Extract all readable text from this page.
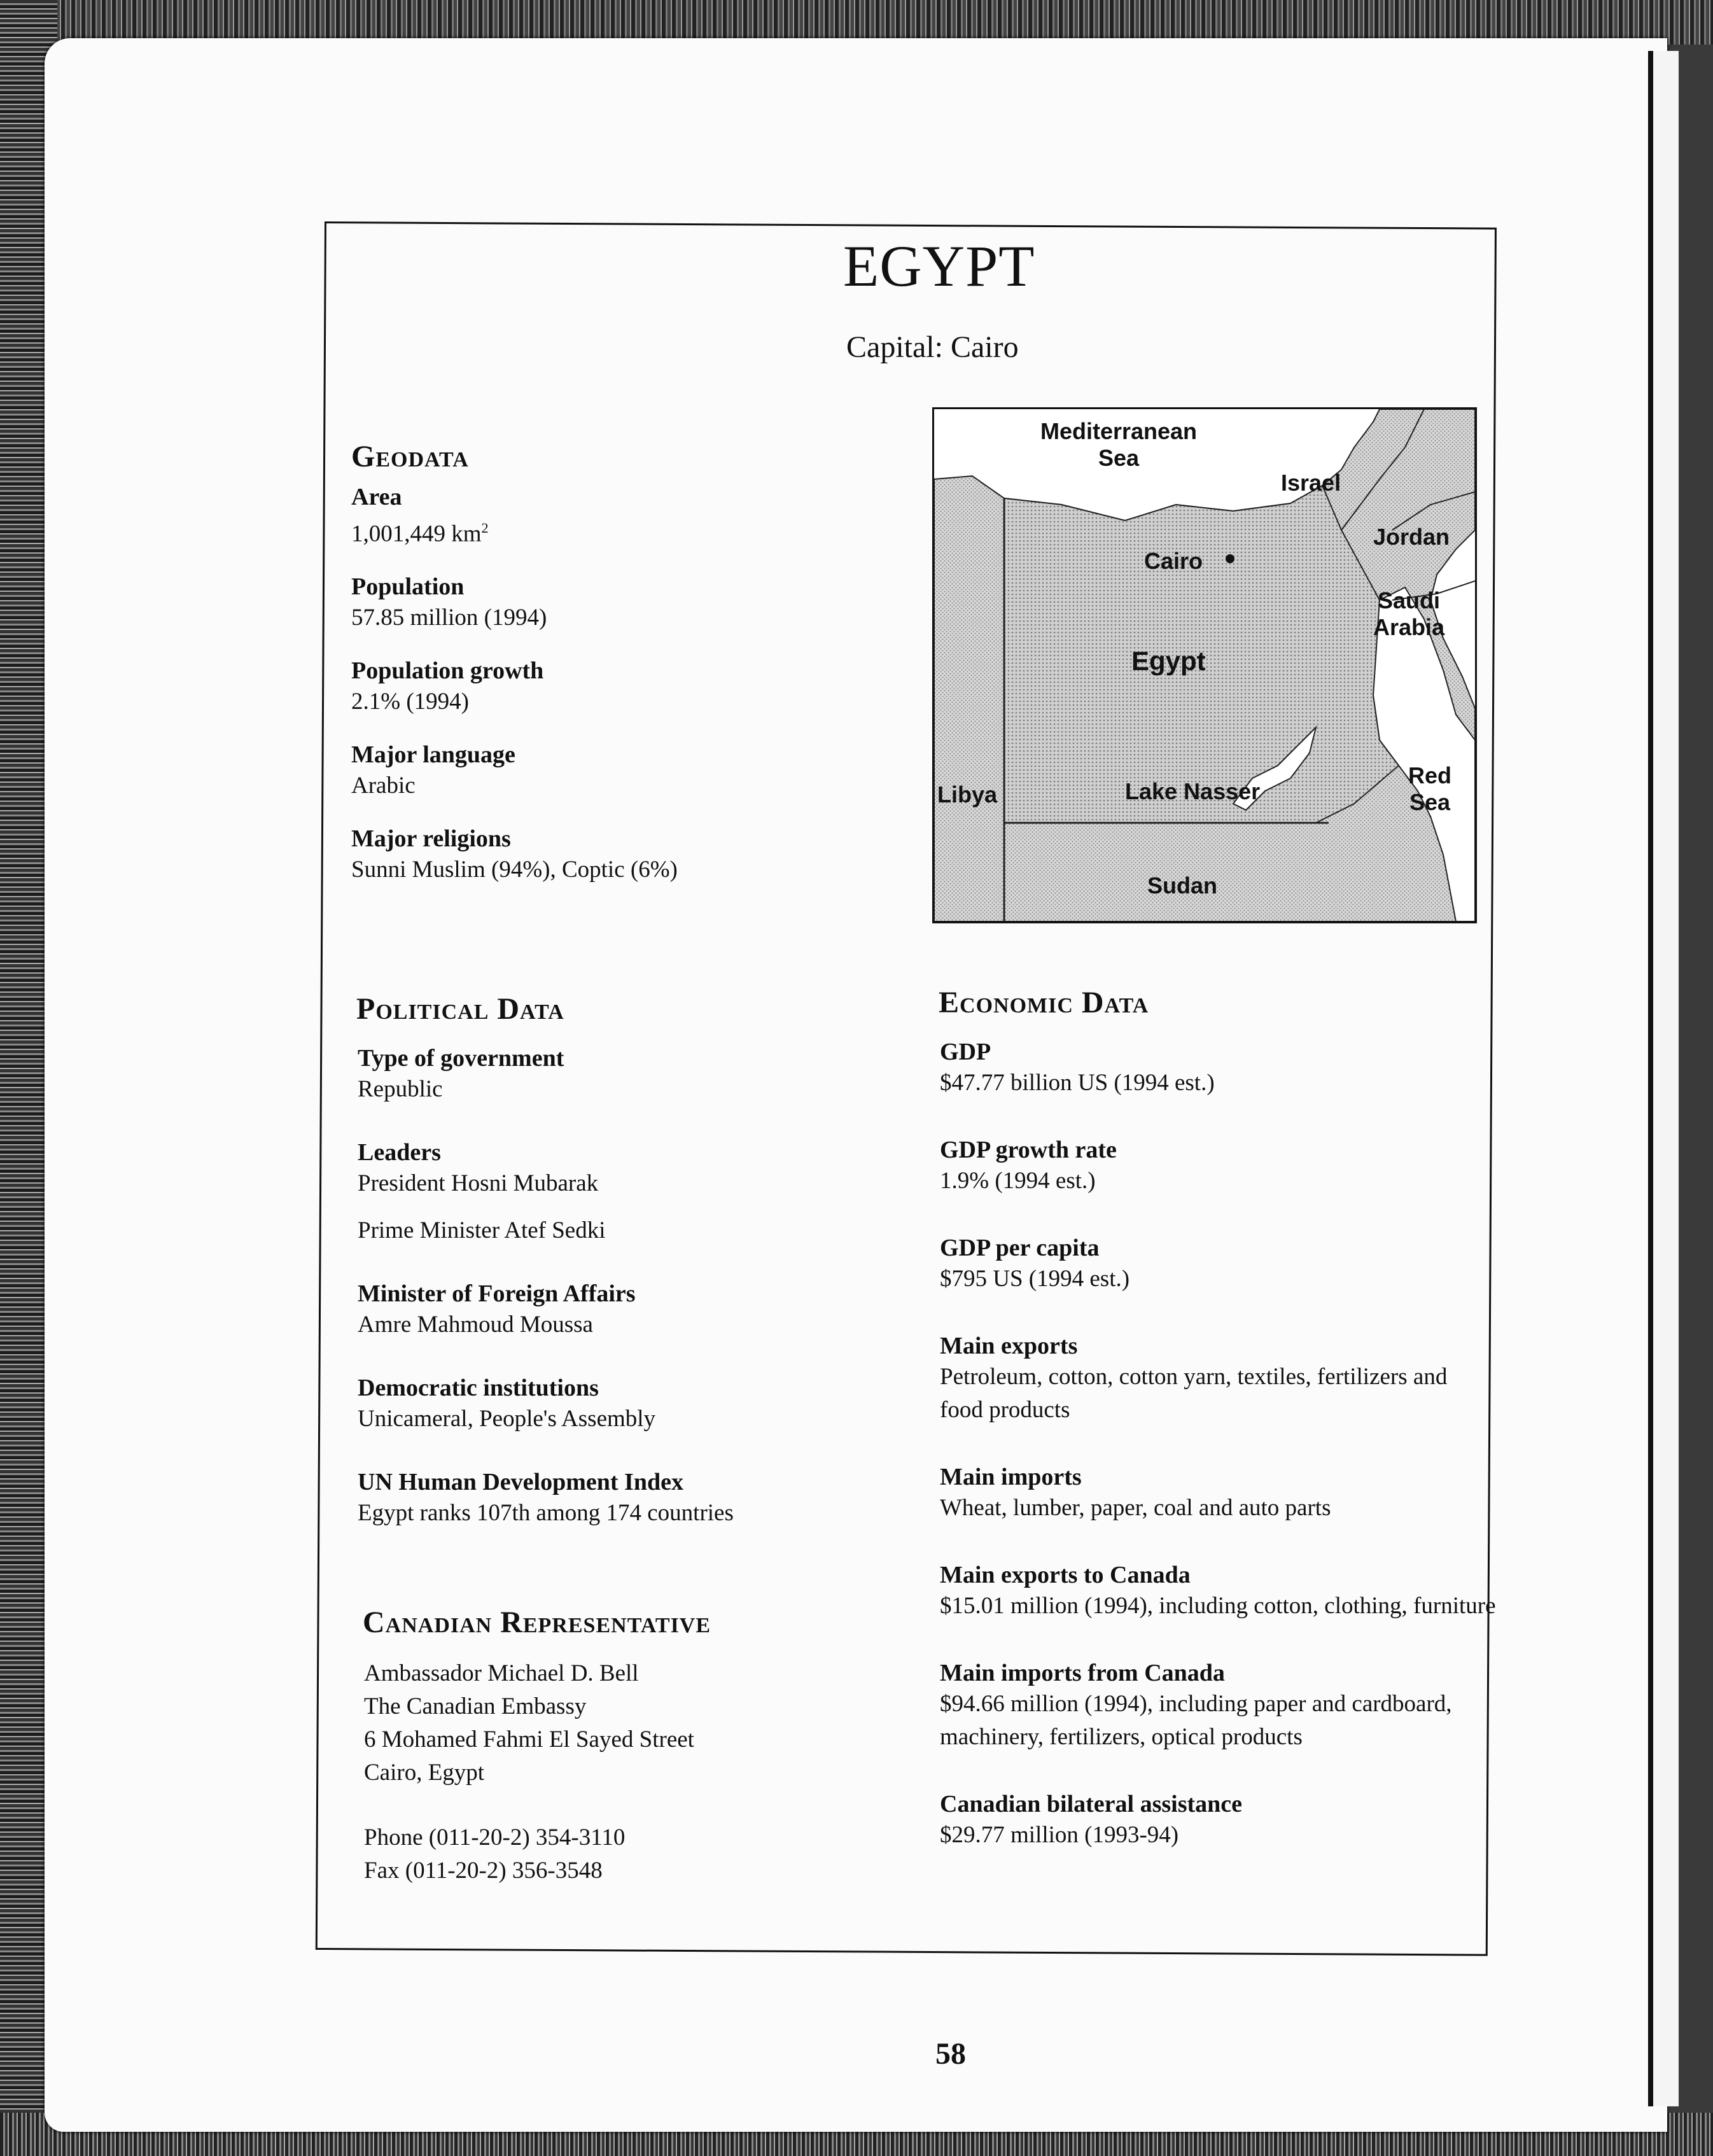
EGYPT
Capital: Cairo
Mediterranean
Sea
Israel
Jordan
Cairo
Saudi
Arabia
Egypt
Red
Sea
Libya	Lake Nasser
Sudan
Geodata
Area
1,001,449 $km^2$
Population
57.85 million (1994)
Population growth
2.1% (1994)
Major language
Arabic
Major religions
Sunni Muslim (94%), Coptic (6%)
Political Data
Type of government
Republic
Leaders
President Hosni Mubarak
Prime Minister Atef Sedki
Minister of Foreign Affairs
Amre Mahmoud Moussa
Democratic institutions
Unicameral, People's Assembly
UN Human Development Index
Egypt ranks 107th among 174 countries
Canadian Representative
Ambassador Michael D. Bell
The Canadian Embassy
6 Mohamed Fahmi El Sayed Street
Cairo, Egypt
Phone (011-20-2) 354-3110
Fax (011-20-2) 356-3548
Economic Data
GDP
$47.77 billion US (1994 est.)
GDP growth rate
1.9% (1994 est.)
GDP per capita
$795 US (1994 est.)
Main exports
Petroleum, cotton, cotton yarn, textiles, fertilizers and
food products
Main imports
Wheat, lumber, paper, coal and auto parts
Main exports to Canada
$15.01 million (1994), including cotton, clothing, furniture
Main imports from Canada
$94.66 million (1994), including paper and cardboard,
machinery, fertilizers, optical products
Canadian bilateral assistance
$29.77 million (1993-94)
58
